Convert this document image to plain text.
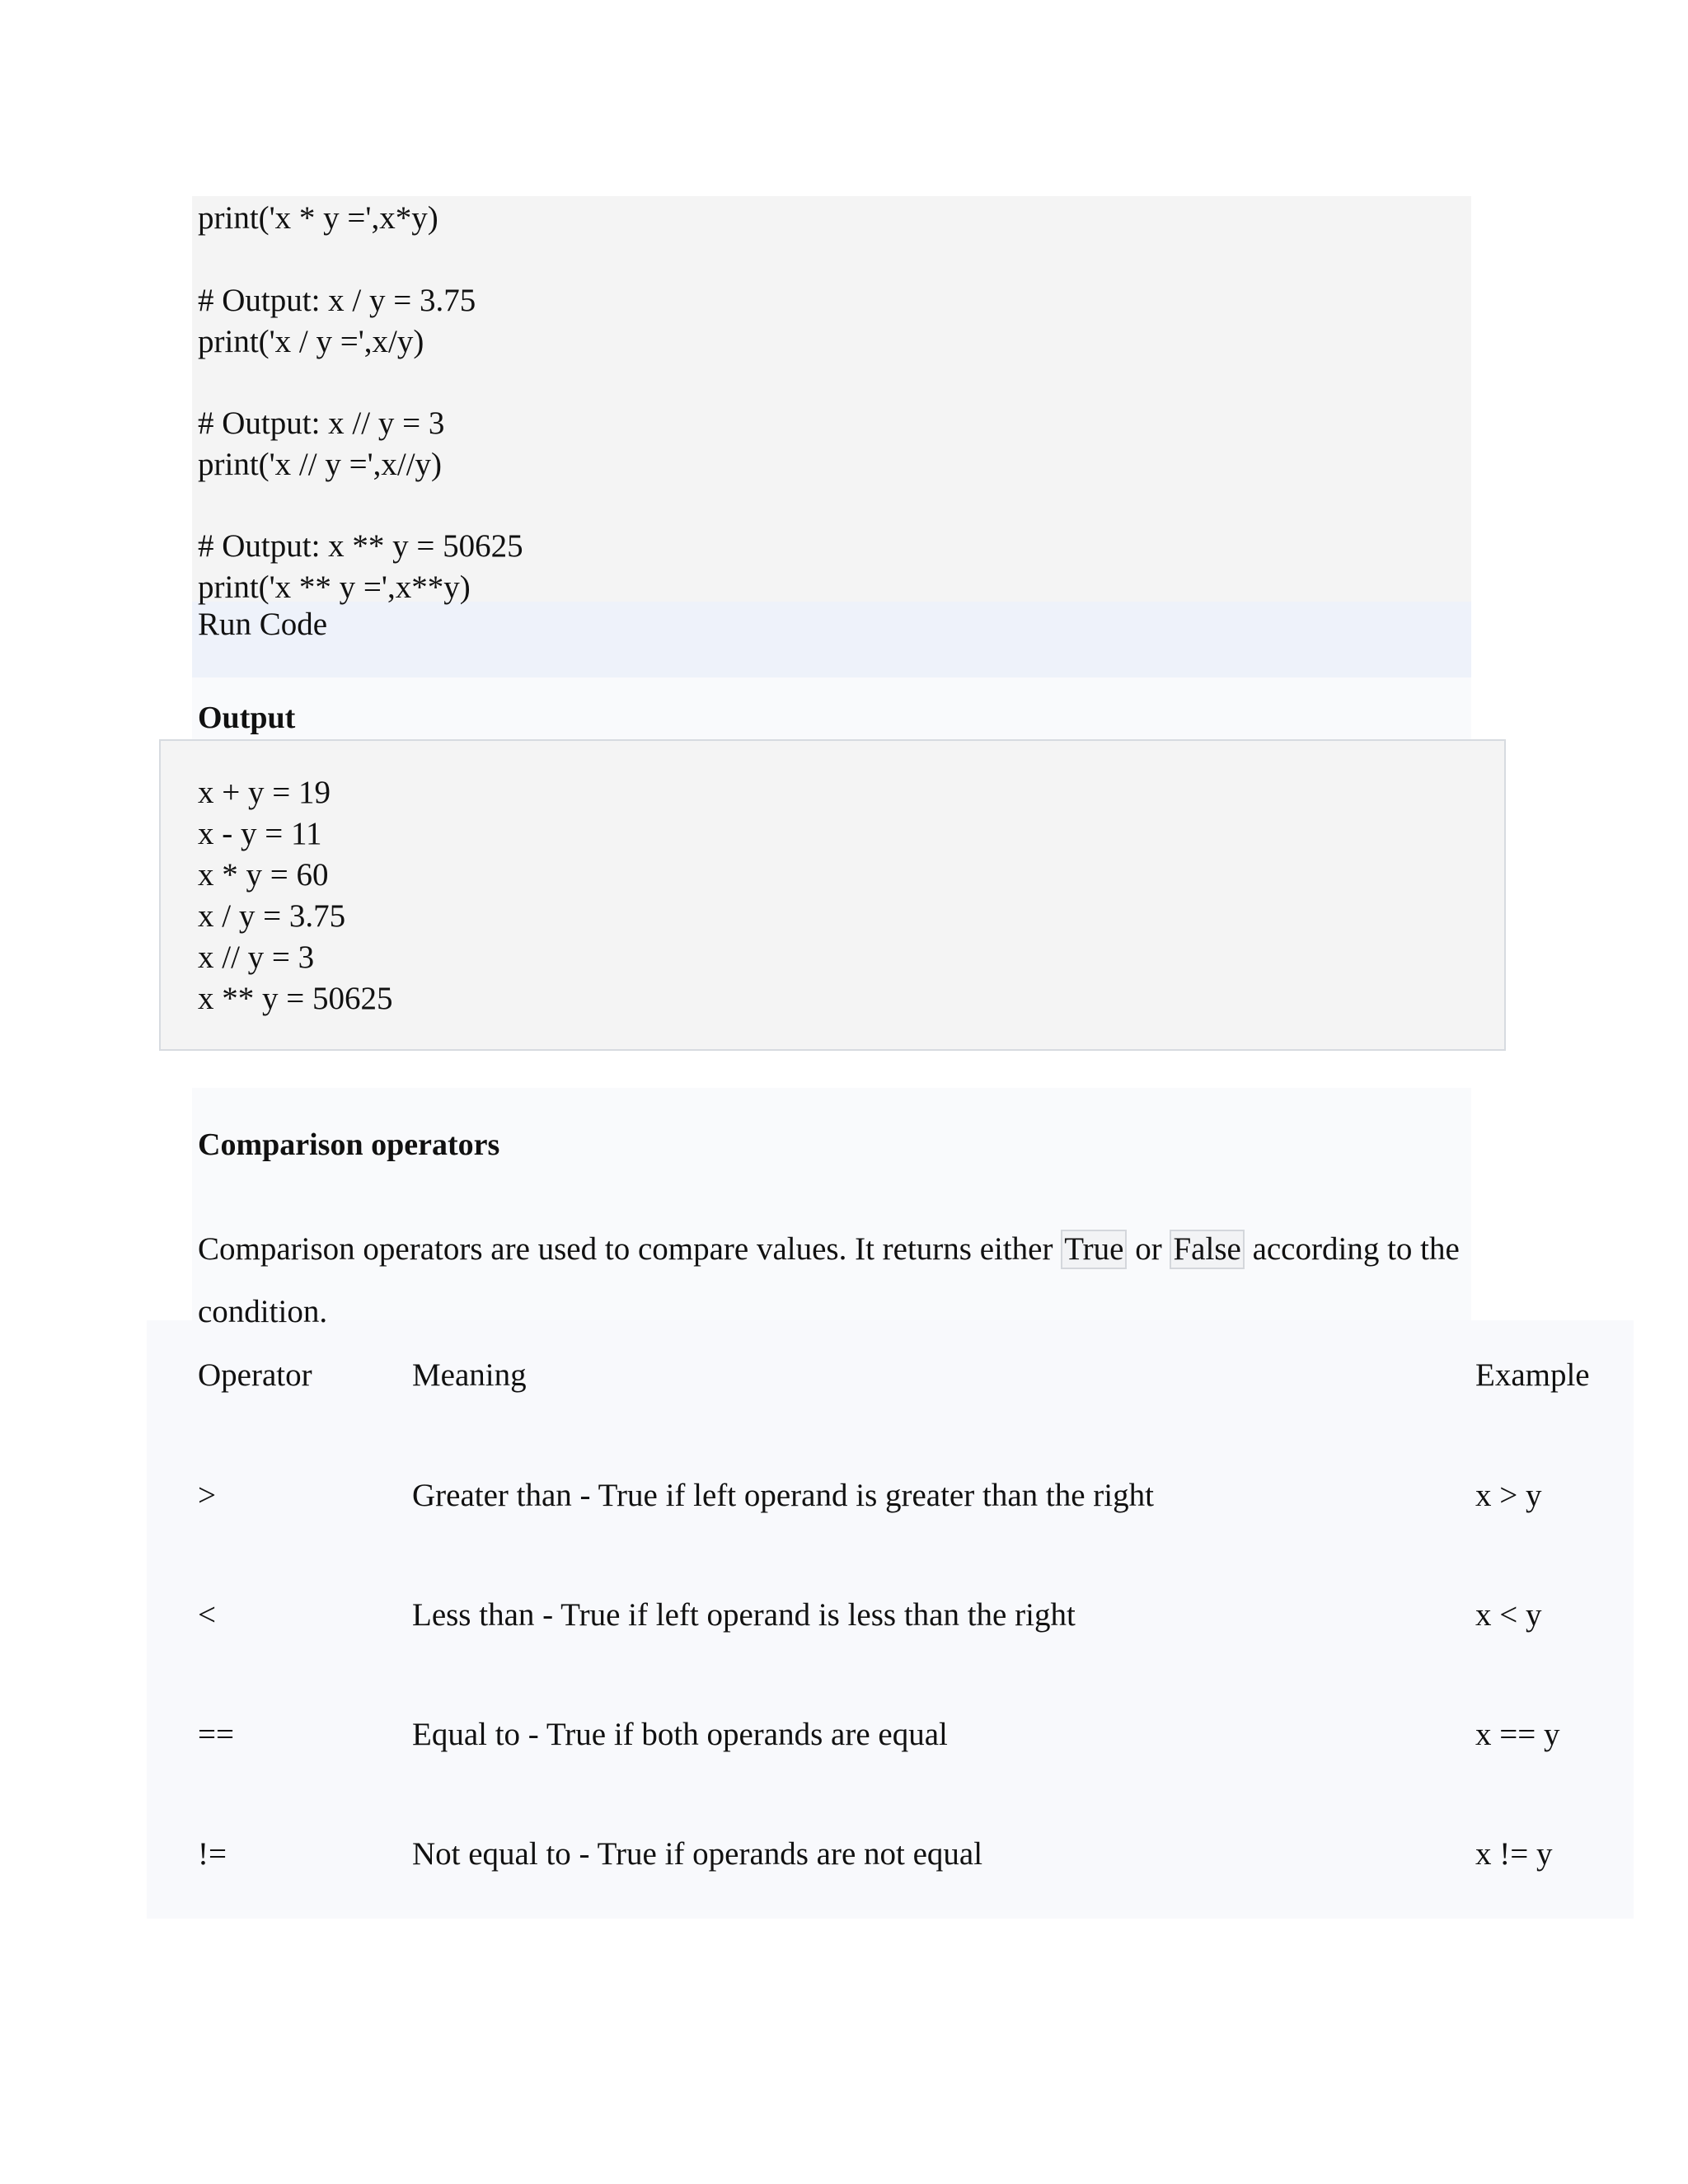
print('x * y =',x*y)
# Output: x / y = 3.75
print('x / y =',x/y)
# Output: x // y = 3
print('x // y =',x//y)
# Output: x ** y = 50625
print('x ** y =',x**y)
Run Code
Output
x + y = 19
x - y = 11
x * y = 60
x / y = 3.75
x // y = 3
x ** y = 50625
Comparison operators
Comparison operators are used to compare values. It returns either True or False according to the condition.
Operator	Meaning	Example
>	Greater than - True if left operand is greater than the right	x > y
<	Less than - True if left operand is less than the right	x < y
==	Equal to - True if both operands are equal	x == y
!=	Not equal to - True if operands are not equal	x != y
